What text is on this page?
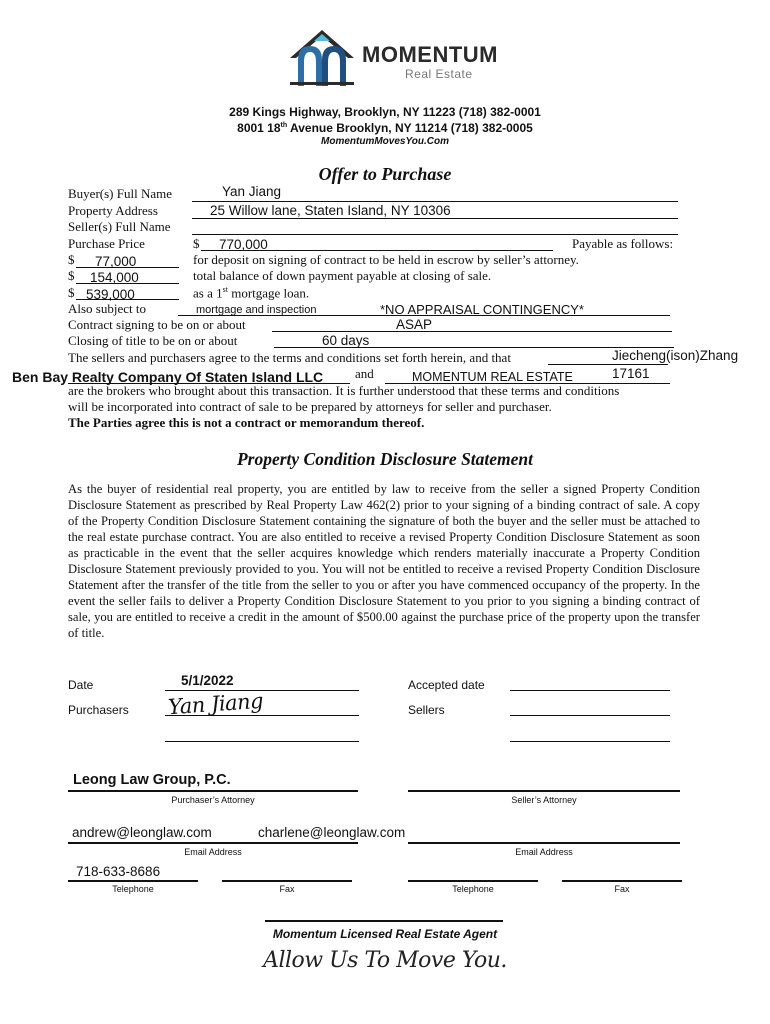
MOMENTUM
Real Estate
289 Kings Highway, Brooklyn, NY 11223 (718) 382-0001
8001 18th Avenue Brooklyn, NY 11214 (718) 382-0005
MomentumMovesYou.Com
Offer to Purchase
Buyer(s) Full Name	Yan Jiang
Property Address	25 Willow lane, Staten Island, NY 10306
Seller(s) Full Name
Purchase Price	$ 770,000	Payable as follows:
$ 77,000	for deposit on signing of contract to be held in escrow by seller’s attorney.
$ 154,000	total balance of down payment payable at closing of sale.
$ 539,000	as a 1st mortgage loan.
Also subject to	mortgage and inspection	*NO APPRAISAL CONTINGENCY*
Contract signing to be on or about	ASAP
Closing of title to be on or about	60 days
The sellers and purchasers agree to the terms and conditions set forth herein, and that	Jiecheng(ison)Zhang
17161
Ben Bay Realty Company Of Staten Island LLC and	MOMENTUM REAL ESTATE
are the brokers who brought about this transaction. It is further understood that these terms and conditions
will be incorporated into contract of sale to be prepared by attorneys for seller and purchaser.
The Parties agree this is not a contract or memorandum thereof.
Property Condition Disclosure Statement
As the buyer of residential real property, you are entitled by law to receive from the seller a signed Property Condition Disclosure Statement as prescribed by Real Property Law 462(2) prior to your signing of a binding contract of sale. A copy of the Property Condition Disclosure Statement containing the signature of both the buyer and the seller must be attached to the real estate purchase contract. You are also entitled to receive a revised Property Condition Disclosure Statement as soon as practicable in the event that the seller acquires knowledge which renders materially inaccurate a Property Condition Disclosure Statement previously provided to you. You will not be entitled to receive a revised Property Condition Disclosure Statement after the transfer of the title from the seller to you or after you have commenced occupancy of the property. In the event the seller fails to deliver a Property Condition Disclosure Statement to you prior to you signing a binding contract of sale, you are entitled to receive a credit in the amount of $500.00 against the purchase price of the property upon the transfer of title.
Date	5/1/2022
Purchasers Yan Jiang
Accepted date
Sellers
Leong Law Group, P.C.
Purchaser’s Attorney	Seller’s Attorney
andrew@leonglaw.com	charlene@leonglaw.com
Email Address	Email Address
718-633-8686
Telephone	Fax	Telephone	Fax
Momentum Licensed Real Estate Agent
Allow Us To Move You.
